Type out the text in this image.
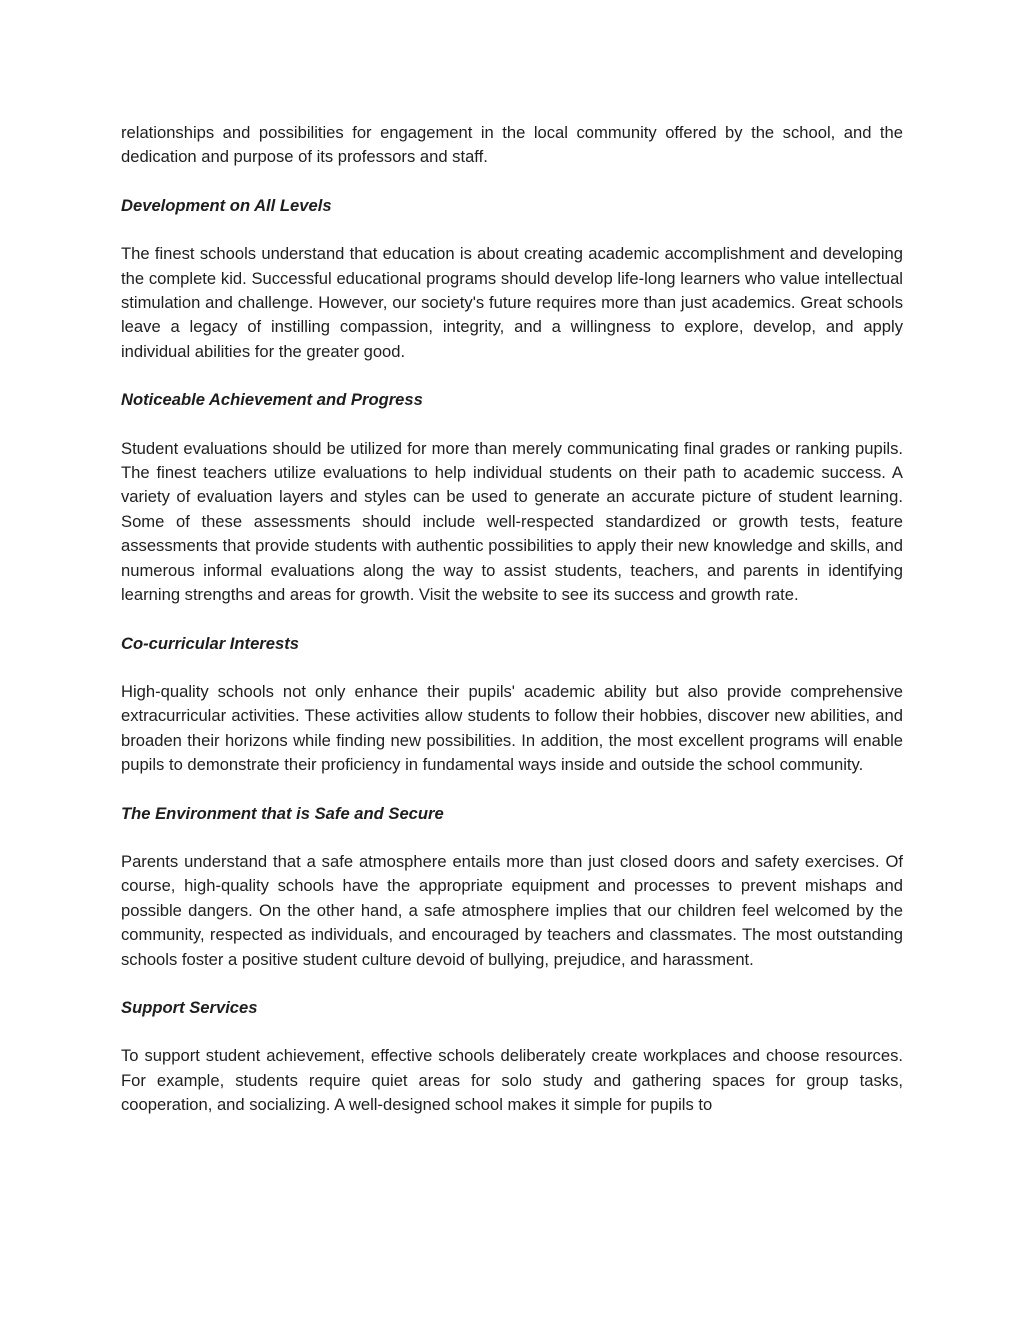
relationships and possibilities for engagement in the local community offered by the school, and the dedication and purpose of its professors and staff.

Development on All Levels

The finest schools understand that education is about creating academic accomplishment and developing the complete kid. Successful educational programs should develop life-long learners who value intellectual stimulation and challenge. However, our society's future requires more than just academics. Great schools leave a legacy of instilling compassion, integrity, and a willingness to explore, develop, and apply individual abilities for the greater good.

Noticeable Achievement and Progress

Student evaluations should be utilized for more than merely communicating final grades or ranking pupils. The finest teachers utilize evaluations to help individual students on their path to academic success. A variety of evaluation layers and styles can be used to generate an accurate picture of student learning. Some of these assessments should include well-respected standardized or growth tests, feature assessments that provide students with authentic possibilities to apply their new knowledge and skills, and numerous informal evaluations along the way to assist students, teachers, and parents in identifying learning strengths and areas for growth. Visit the website to see its success and growth rate.

Co-curricular Interests

High-quality schools not only enhance their pupils' academic ability but also provide comprehensive extracurricular activities. These activities allow students to follow their hobbies, discover new abilities, and broaden their horizons while finding new possibilities. In addition, the most excellent programs will enable pupils to demonstrate their proficiency in fundamental ways inside and outside the school community.

The Environment that is Safe and Secure

Parents understand that a safe atmosphere entails more than just closed doors and safety exercises. Of course, high-quality schools have the appropriate equipment and processes to prevent mishaps and possible dangers. On the other hand, a safe atmosphere implies that our children feel welcomed by the community, respected as individuals, and encouraged by teachers and classmates. The most outstanding schools foster a positive student culture devoid of bullying, prejudice, and harassment.

Support Services

To support student achievement, effective schools deliberately create workplaces and choose resources. For example, students require quiet areas for solo study and gathering spaces for group tasks, cooperation, and socializing. A well-designed school makes it simple for pupils to
